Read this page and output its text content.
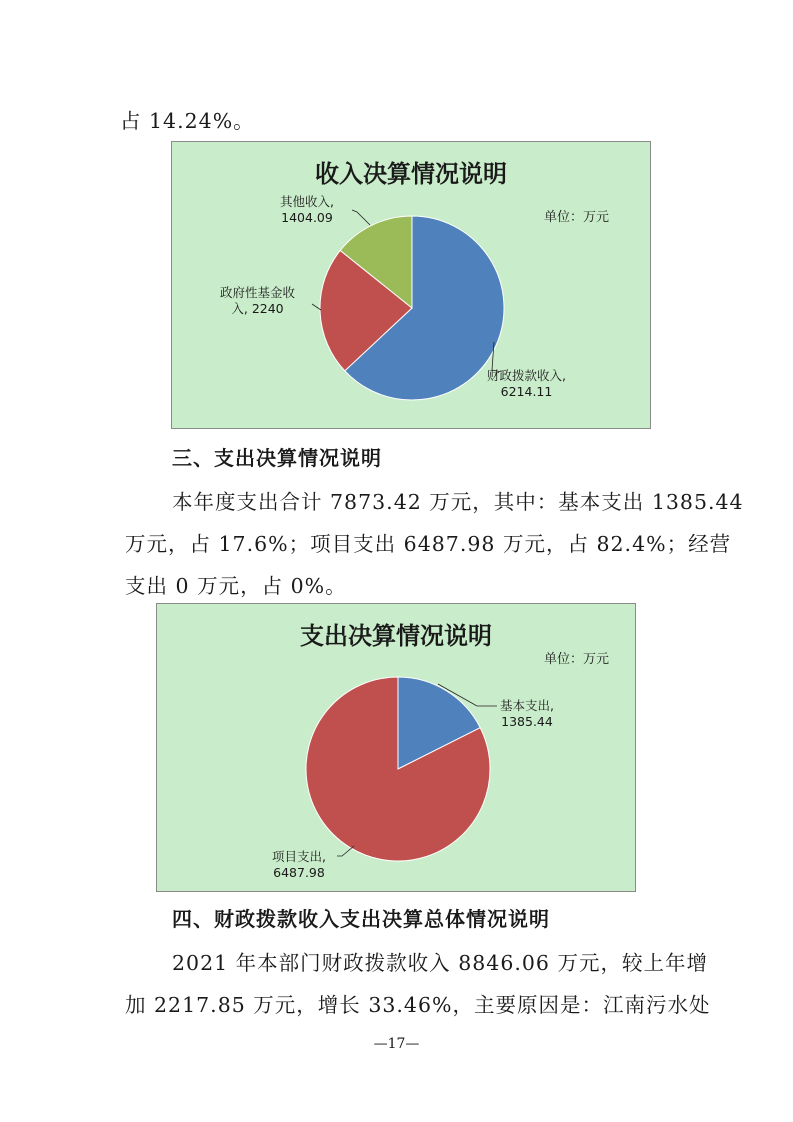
占 14.24%。

收入决算情况说明

单位：万元
财政拨款收入,
6214.11
政府性基金收
入, 2240
其他收入,
1404.09
三、支出决算情况说明

本年度支出合计 7873.42 万元，其中：基本支出 1385.44

万元，占 17.6%；项目支出 6487.98 万元，占 82.4%；经营

支出 0 万元，占 0%。

支出决算情况说明

单位：万元
基本支出,
1385.44
项目支出,
6487.98
四、财政拨款收入支出决算总体情况说明

2021 年本部门财政拨款收入 8846.06 万元，较上年增

加 2217.85 万元，增长 33.46%，主要原因是：江南污水处

—17—
